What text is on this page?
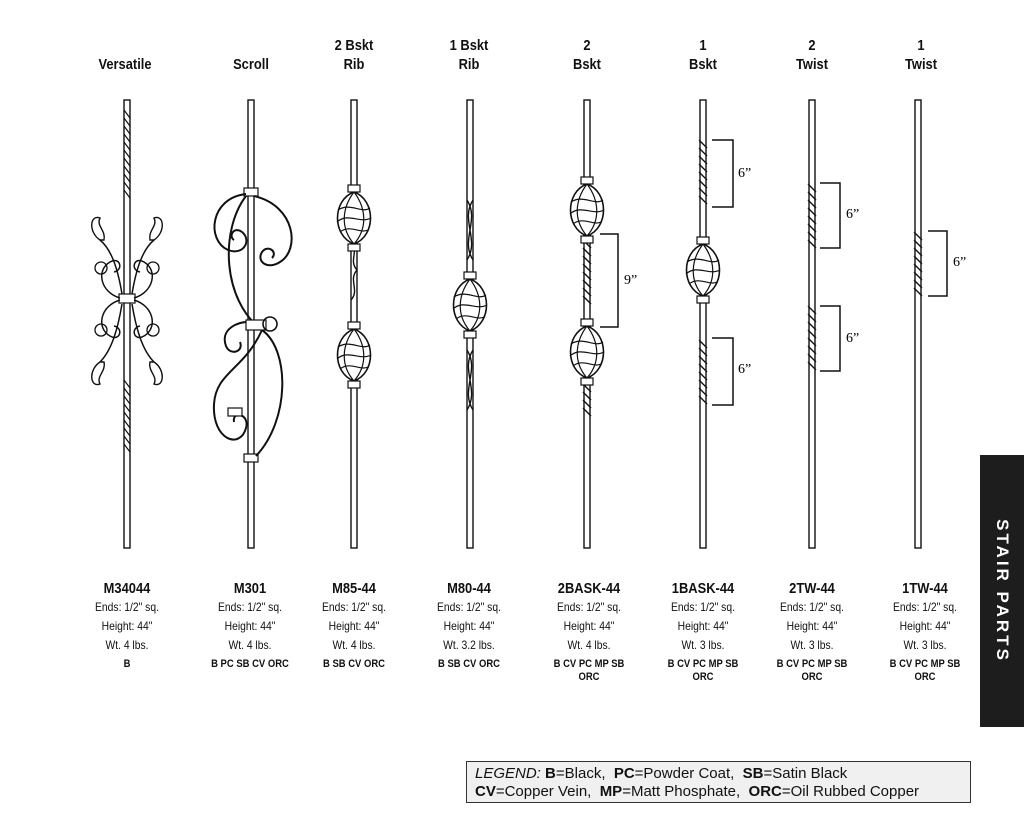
9”
6”
6”
6”
6”
6”
Versatile	Scroll
2 Bskt
Rib
1 Bskt
Rib
2
Bskt
1
Bskt
2
Twist
1
Twist
M34044
Ends: 1/2" sq.
Height: 44"
Wt. 4 lbs.
B
M301
Ends: 1/2" sq.
Height: 44"
Wt. 4 lbs.
B PC SB CV ORC
M85-44
Ends: 1/2" sq.
Height: 44"
Wt. 4 lbs.
B SB CV ORC
M80-44
Ends: 1/2" sq.
Height: 44"
Wt. 3.2 lbs.
B SB CV ORC
2BASK-44
Ends: 1/2" sq.
Height: 44"
Wt. 4 lbs.
B CV PC MP SB
ORC
1BASK-44
Ends: 1/2" sq.
Height: 44"
Wt. 3 lbs.
B CV PC MP SB
ORC
2TW-44
Ends: 1/2" sq.
Height: 44"
Wt. 3 lbs.
B CV PC MP SB
ORC
1TW-44
Ends: 1/2" sq.
Height: 44"
Wt. 3 lbs.
B CV PC MP SB
ORC
STAIR PARTS
LEGEND: B=Black, PC=Powder Coat, SB=Satin Black
CV=Copper Vein, MP=Matt Phosphate, ORC=Oil Rubbed Copper
